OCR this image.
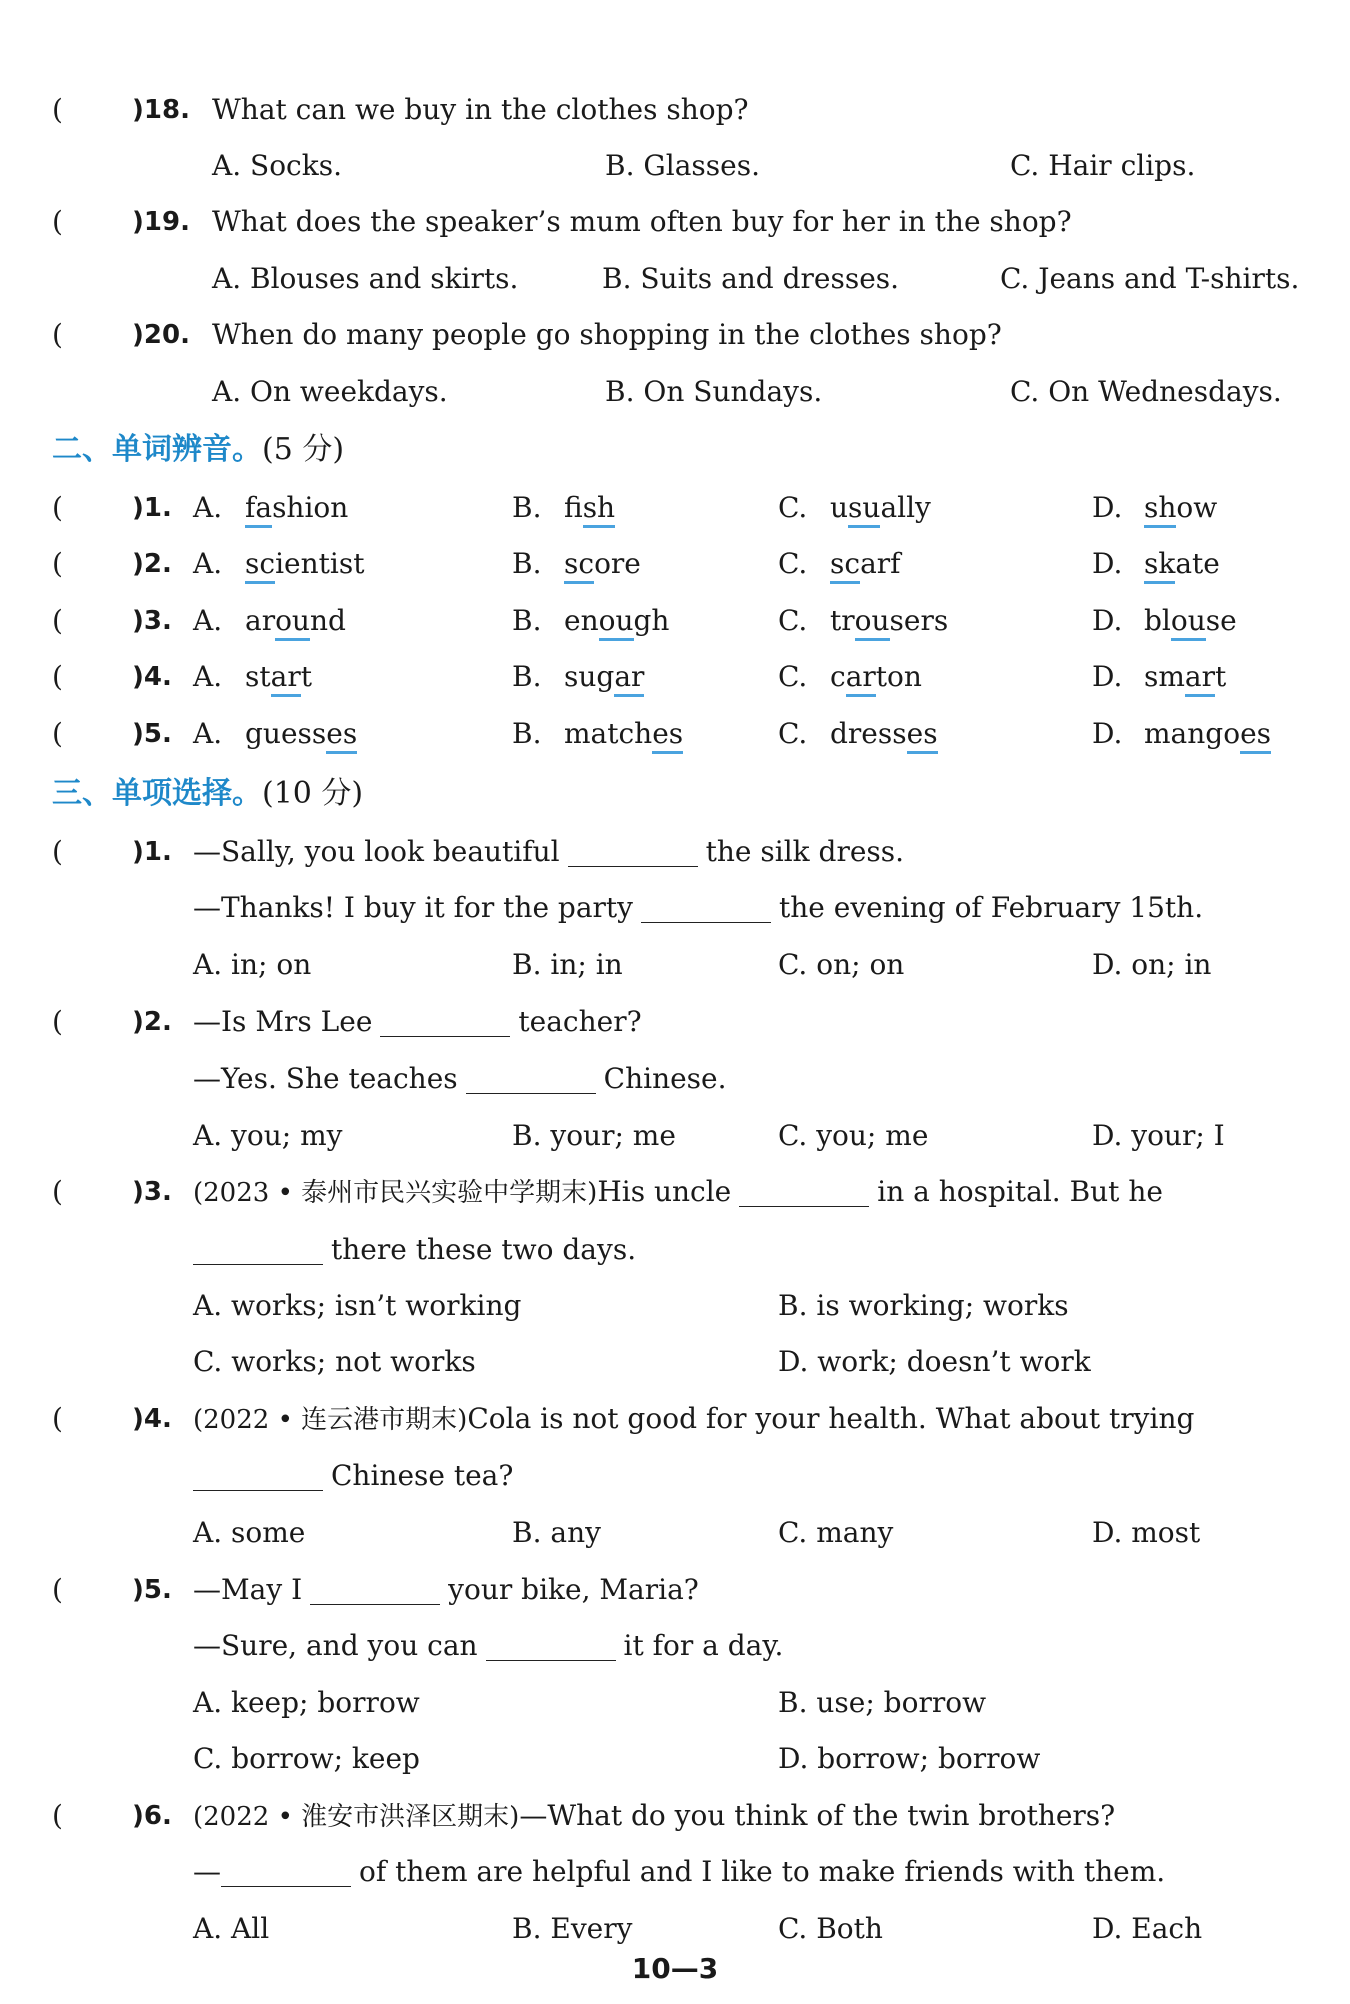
(	)18. What can we buy in the clothes shop?
A. Socks.	B. Glasses.	C. Hair clips.
(	)19. What does the speaker’s mum often buy for her in the shop?
A. Blouses and skirts.	B. Suits and dresses.	C. Jeans and T-shirts.
(	)20. When do many people go shopping in the clothes shop?
A. On weekdays.	B. On Sundays.	C. On Wednesdays.
二、单词辨音。(5 分)
(	)1. A. fashion	B. fish	C. usually	D. show
(	)2. A. scientist	B. score	C. scarf	D. skate
(	)3. A. around	B. enough	C. trousers	D. blouse
(	)4. A. start	B. sugar	C. carton	D. smart
(	)5. A. guesses	B. matches	C. dresses	D. mangoes
三、单项选择。(10 分)
(	)1. —Sally, you look beautiful	the silk dress.
—Thanks! I buy it for the party	the evening of February 15th.
A. in; on	B. in; in	C. on; on	D. on; in
(	)2. —Is Mrs Lee	teacher?
—Yes. She teaches	Chinese.
A. you; my	B. your; me	C. you; me	D. your; I
(	)3. (2023 • 泰州市民兴实验中学期末)His uncle	in a hospital. But he
there these two days.
A. works; isn’t working	B. is working; works
C. works; not works	D. work; doesn’t work
(	)4. (2022 • 连云港市期末)Cola is not good for your health. What about trying
Chinese tea?
A. some	B. any	C. many	D. most
(	)5. —May I	your bike, Maria?
—Sure, and you can	it for a day.
A. keep; borrow	B. use; borrow
C. borrow; keep	D. borrow; borrow
(	)6. (2022 • 淮安市洪泽区期末)—What do you think of the twin brothers?
—	of them are helpful and I like to make friends with them.
A. All	B. Every	C. Both	D. Each
10—3
